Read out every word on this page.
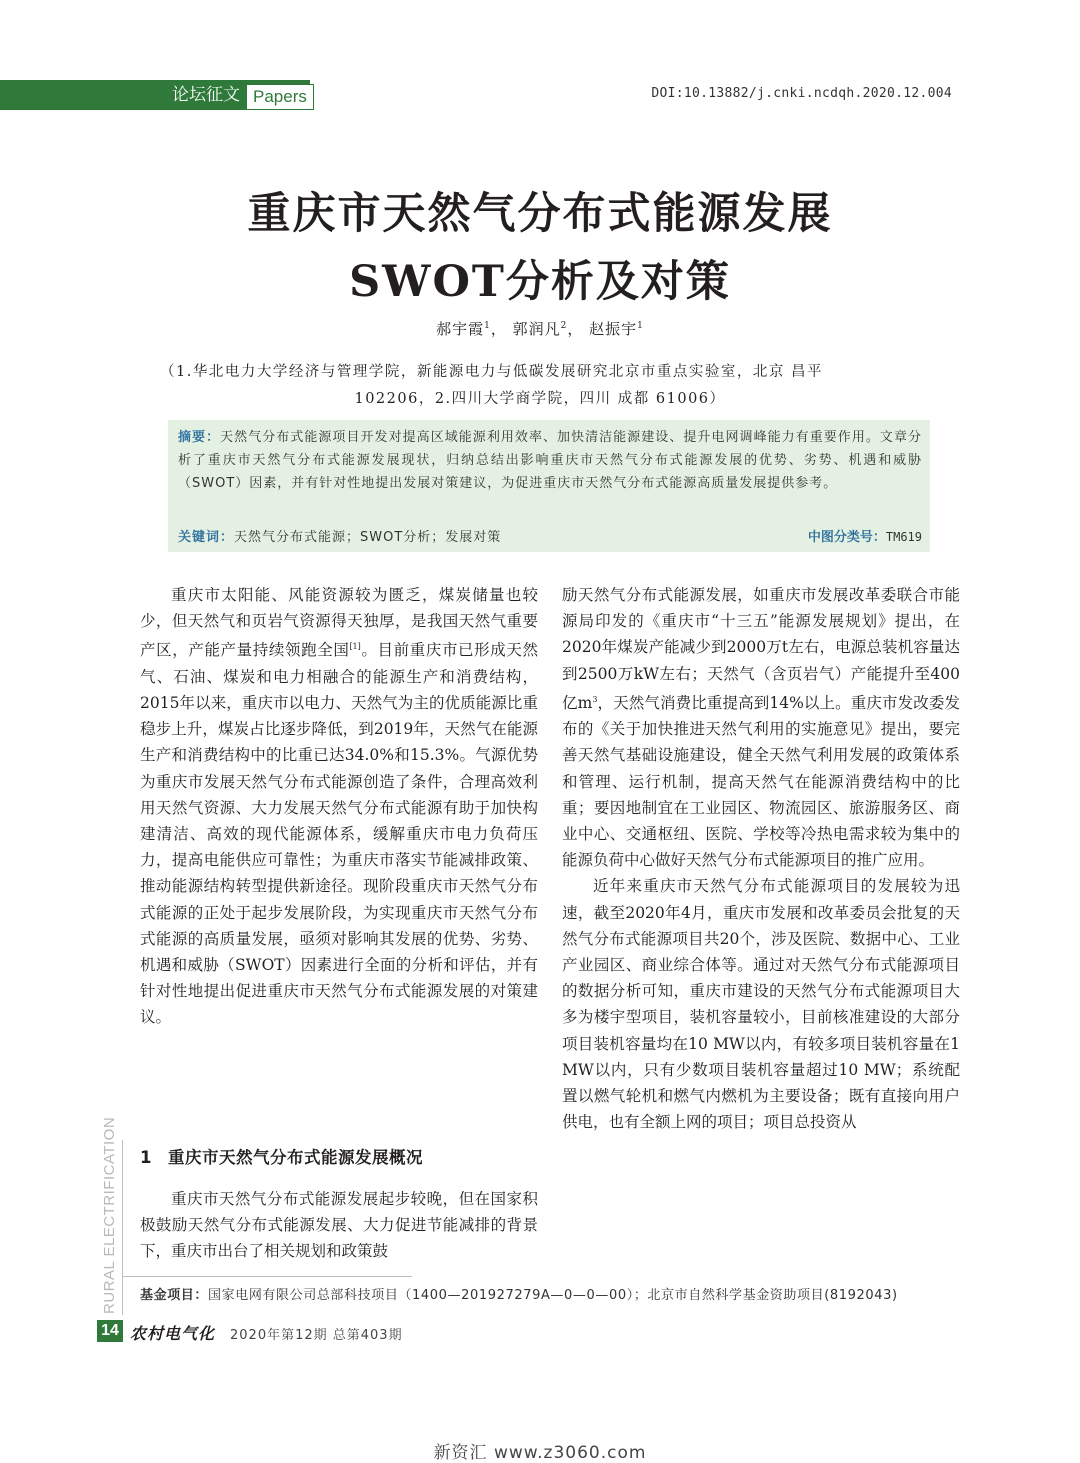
论坛征文 Papers	DOI:10.13882/j.cnki.ncdqh.2020.12.004
重庆市天然气分布式能源发展
SWOT分析及对策
郝宇霞$^1$， 郭润凡$^2$， 赵振宇$^1$
（1.华北电力大学经济与管理学院，新能源电力与低碳发展研究北京市重点实验室，北京 昌平
102206，2.四川大学商学院，四川 成都 61006）
摘要：天然气分布式能源项目开发对提高区域能源利用效率、加快清洁能源建设、提升电网调峰能力有重要作用。文章分析了重庆市天然气分布式能源发展现状，归纳总结出影响重庆市天然气分布式能源发展的优势、劣势、机遇和威胁（SWOT）因素，并有针对性地提出发展对策建议，为促进重庆市天然气分布式能源高质量发展提供参考。
关键词：天然气分布式能源；SWOT分析；发展对策	中图分类号：TM619

重庆市太阳能、风能资源较为匮乏，煤炭储量也较少，但天然气和页岩气资源得天独厚，是我国天然气重要产区，产能产量持续领跑全国[1]。目前重庆市已形成天然气、石油、煤炭和电力相融合的能源生产和消费结构，2015年以来，重庆市以电力、天然气为主的优质能源比重稳步上升，煤炭占比逐步降低，到2019年，天然气在能源生产和消费结构中的比重已达34.0%和15.3%。气源优势为重庆市发展天然气分布式能源创造了条件，合理高效利用天然气资源、大力发展天然气分布式能源有助于加快构建清洁、高效的现代能源体系，缓解重庆市电力负荷压力，提高电能供应可靠性；为重庆市落实节能减排政策、推动能源结构转型提供新途径。现阶段重庆市天然气分布式能源的正处于起步发展阶段，为实现重庆市天然气分布式能源的高质量发展，亟须对影响其发展的优势、劣势、机遇和威胁（SWOT）因素进行全面的分析和评估，并有针对性地提出促进重庆市天然气分布式能源发展的对策建议。

1 重庆市天然气分布式能源发展概况

重庆市天然气分布式能源发展起步较晚，但在国家积极鼓励天然气分布式能源发展、大力促进节能减排的背景下，重庆市出台了相关规划和政策鼓

励天然气分布式能源发展，如重庆市发展改革委联合市能源局印发的《重庆市“十三五”能源发展规划》提出，在2020年煤炭产能减少到2000万t左右，电源总装机容量达到2500万kW左右；天然气（含页岩气）产能提升至400亿$m^3$，天然气消费比重提高到14%以上。重庆市发改委发布的《关于加快推进天然气利用的实施意见》提出，要完善天然气基础设施建设，健全天然气利用发展的政策体系和管理、运行机制，提高天然气在能源消费结构中的比重；要因地制宜在工业园区、物流园区、旅游服务区、商业中心、交通枢纽、医院、学校等冷热电需求较为集中的能源负荷中心做好天然气分布式能源项目的推广应用。

近年来重庆市天然气分布式能源项目的发展较为迅速，截至2020年4月，重庆市发展和改革委员会批复的天然气分布式能源项目共20个，涉及医院、数据中心、工业产业园区、商业综合体等。通过对天然气分布式能源项目的数据分析可知，重庆市建设的天然气分布式能源项目大多为楼宇型项目，装机容量较小，目前核准建设的大部分项目装机容量均在10 MW以内，有较多项目装机容量在1 MW以内，只有少数项目装机容量超过10 MW；系统配置以燃气轮机和燃气内燃机为主要设备；既有直接向用户供电，也有全额上网的项目；项目总投资从

RURAL ELECTRIFICATION 基金项目：国家电网有限公司总部科技项目（1400—201927279A—0—0—00）；北京市自然科学基金资助项目(8192043)
14 农村电气化 2020年第12期 总第403期
新资汇 www.z3060.com
